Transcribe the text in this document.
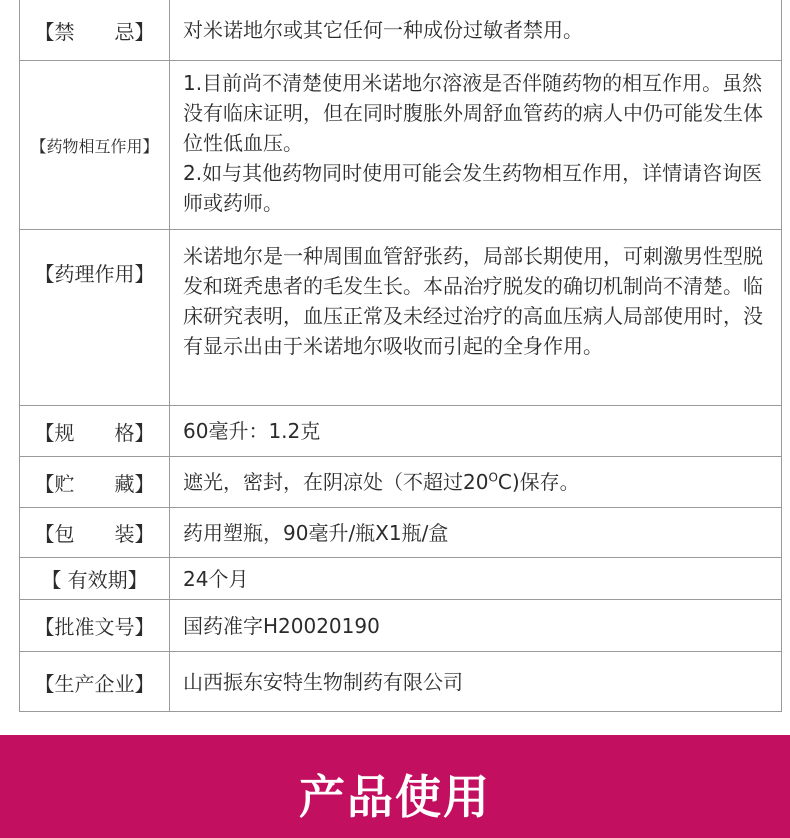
【禁　　忌】 对米诺地尔或其它任何一种成份过敏者禁用。
【药物相互作用】
1.目前尚不清楚使用米诺地尔溶液是否伴随药物的相互作用。虽然没有临床证明，但在同时腹胀外周舒血管药的病人中仍可能发生体位性低血压。
2.如与其他药物同时使用可能会发生药物相互作用，详情请咨询医师或药师。
【药理作用】
米诺地尔是一种周围血管舒张药，局部长期使用，可刺激男性型脱发和斑秃患者的毛发生长。本品治疗脱发的确切机制尚不清楚。临床研究表明，血压正常及未经过治疗的高血压病人局部使用时，没有显示出由于米诺地尔吸收而引起的全身作用。
【规　　格】 60毫升：1.2克
【贮　　藏】 遮光，密封，在阴凉处（不超过$20^OC$)保存。
【包　　装】 药用塑瓶，90毫升/瓶X1瓶/盒
【 有效期】 24个月
【批准文号】 国药准字H20020190
【生产企业】 山西振东安特生物制药有限公司
产品使用
